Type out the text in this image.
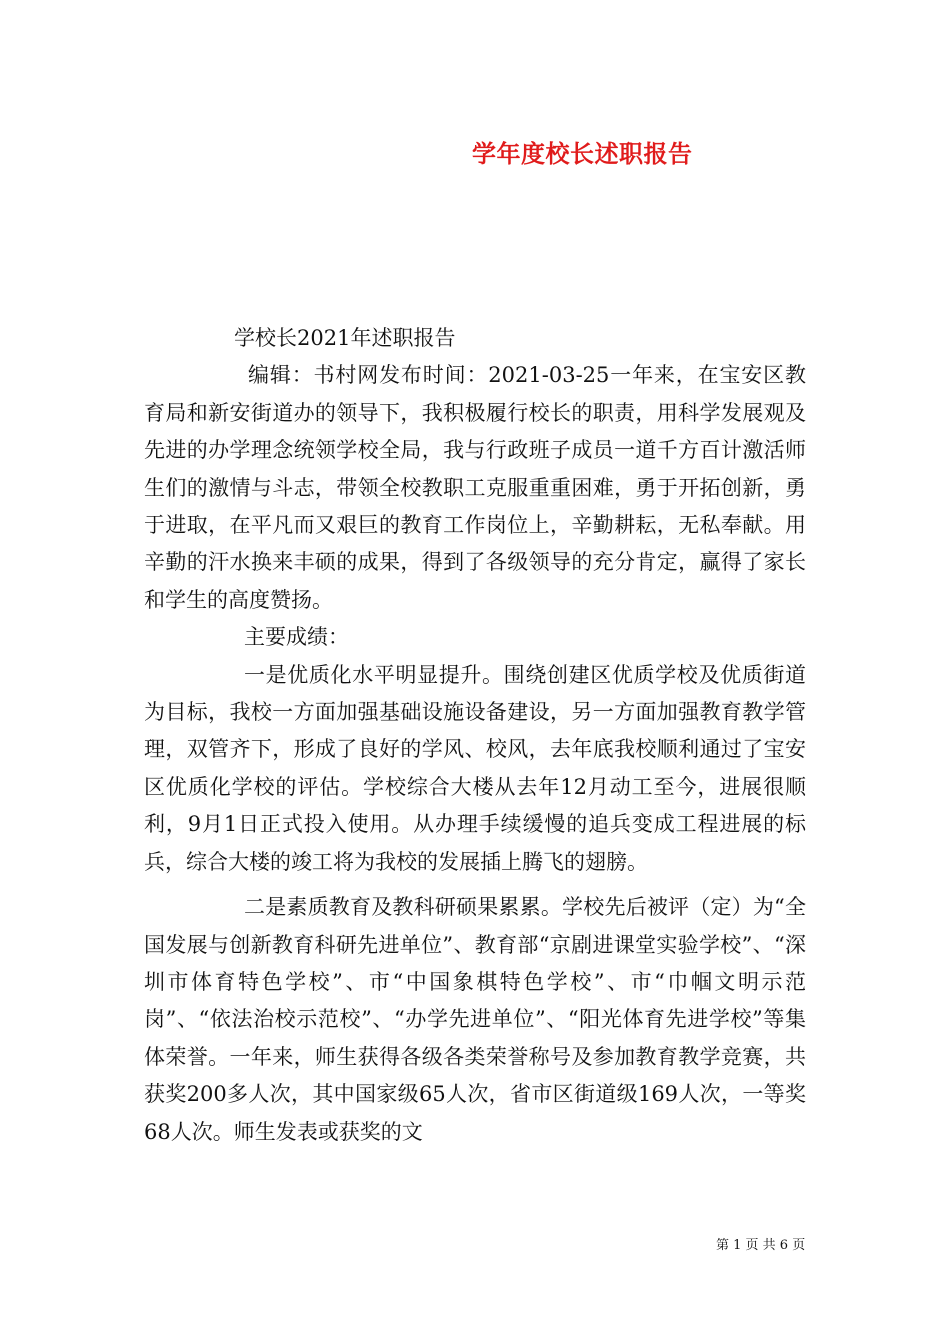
学年度校长述职报告

学校长2021年述职报告

编辑：书村网发布时间：2021-03-25一年来，在宝安区教育局和新安街道办的领导下，我积极履行校长的职责，用科学发展观及先进的办学理念统领学校全局，我与行政班子成员一道千方百计激活师生们的激情与斗志，带领全校教职工克服重重困难，勇于开拓创新，勇于进取，在平凡而又艰巨的教育工作岗位上，辛勤耕耘，无私奉献。用辛勤的汗水换来丰硕的成果，得到了各级领导的充分肯定，赢得了家长和学生的高度赞扬。

主要成绩：

一是优质化水平明显提升。围绕创建区优质学校及优质街道为目标，我校一方面加强基础设施设备建设，另一方面加强教育教学管理，双管齐下，形成了良好的学风、校风，去年底我校顺利通过了宝安区优质化学校的评估。学校综合大楼从去年12月动工至今，进展很顺利，9月1日正式投入使用。从办理手续缓慢的追兵变成工程进展的标兵，综合大楼的竣工将为我校的发展插上腾飞的翅膀。

二是素质教育及教科研硕果累累。学校先后被评（定）为“全国发展与创新教育科研先进单位”、教育部“京剧进课堂实验学校”、“深圳市体育特色学校”、市“中国象棋特色学校”、市“巾帼文明示范岗”、“依法治校示范校”、“办学先进单位”、“阳光体育先进学校”等集体荣誉。一年来，师生获得各级各类荣誉称号及参加教育教学竞赛，共获奖200多人次，其中国家级65人次，省市区街道级169人次，一等奖68人次。师生发表或获奖的文

第 1 页 共 6 页
